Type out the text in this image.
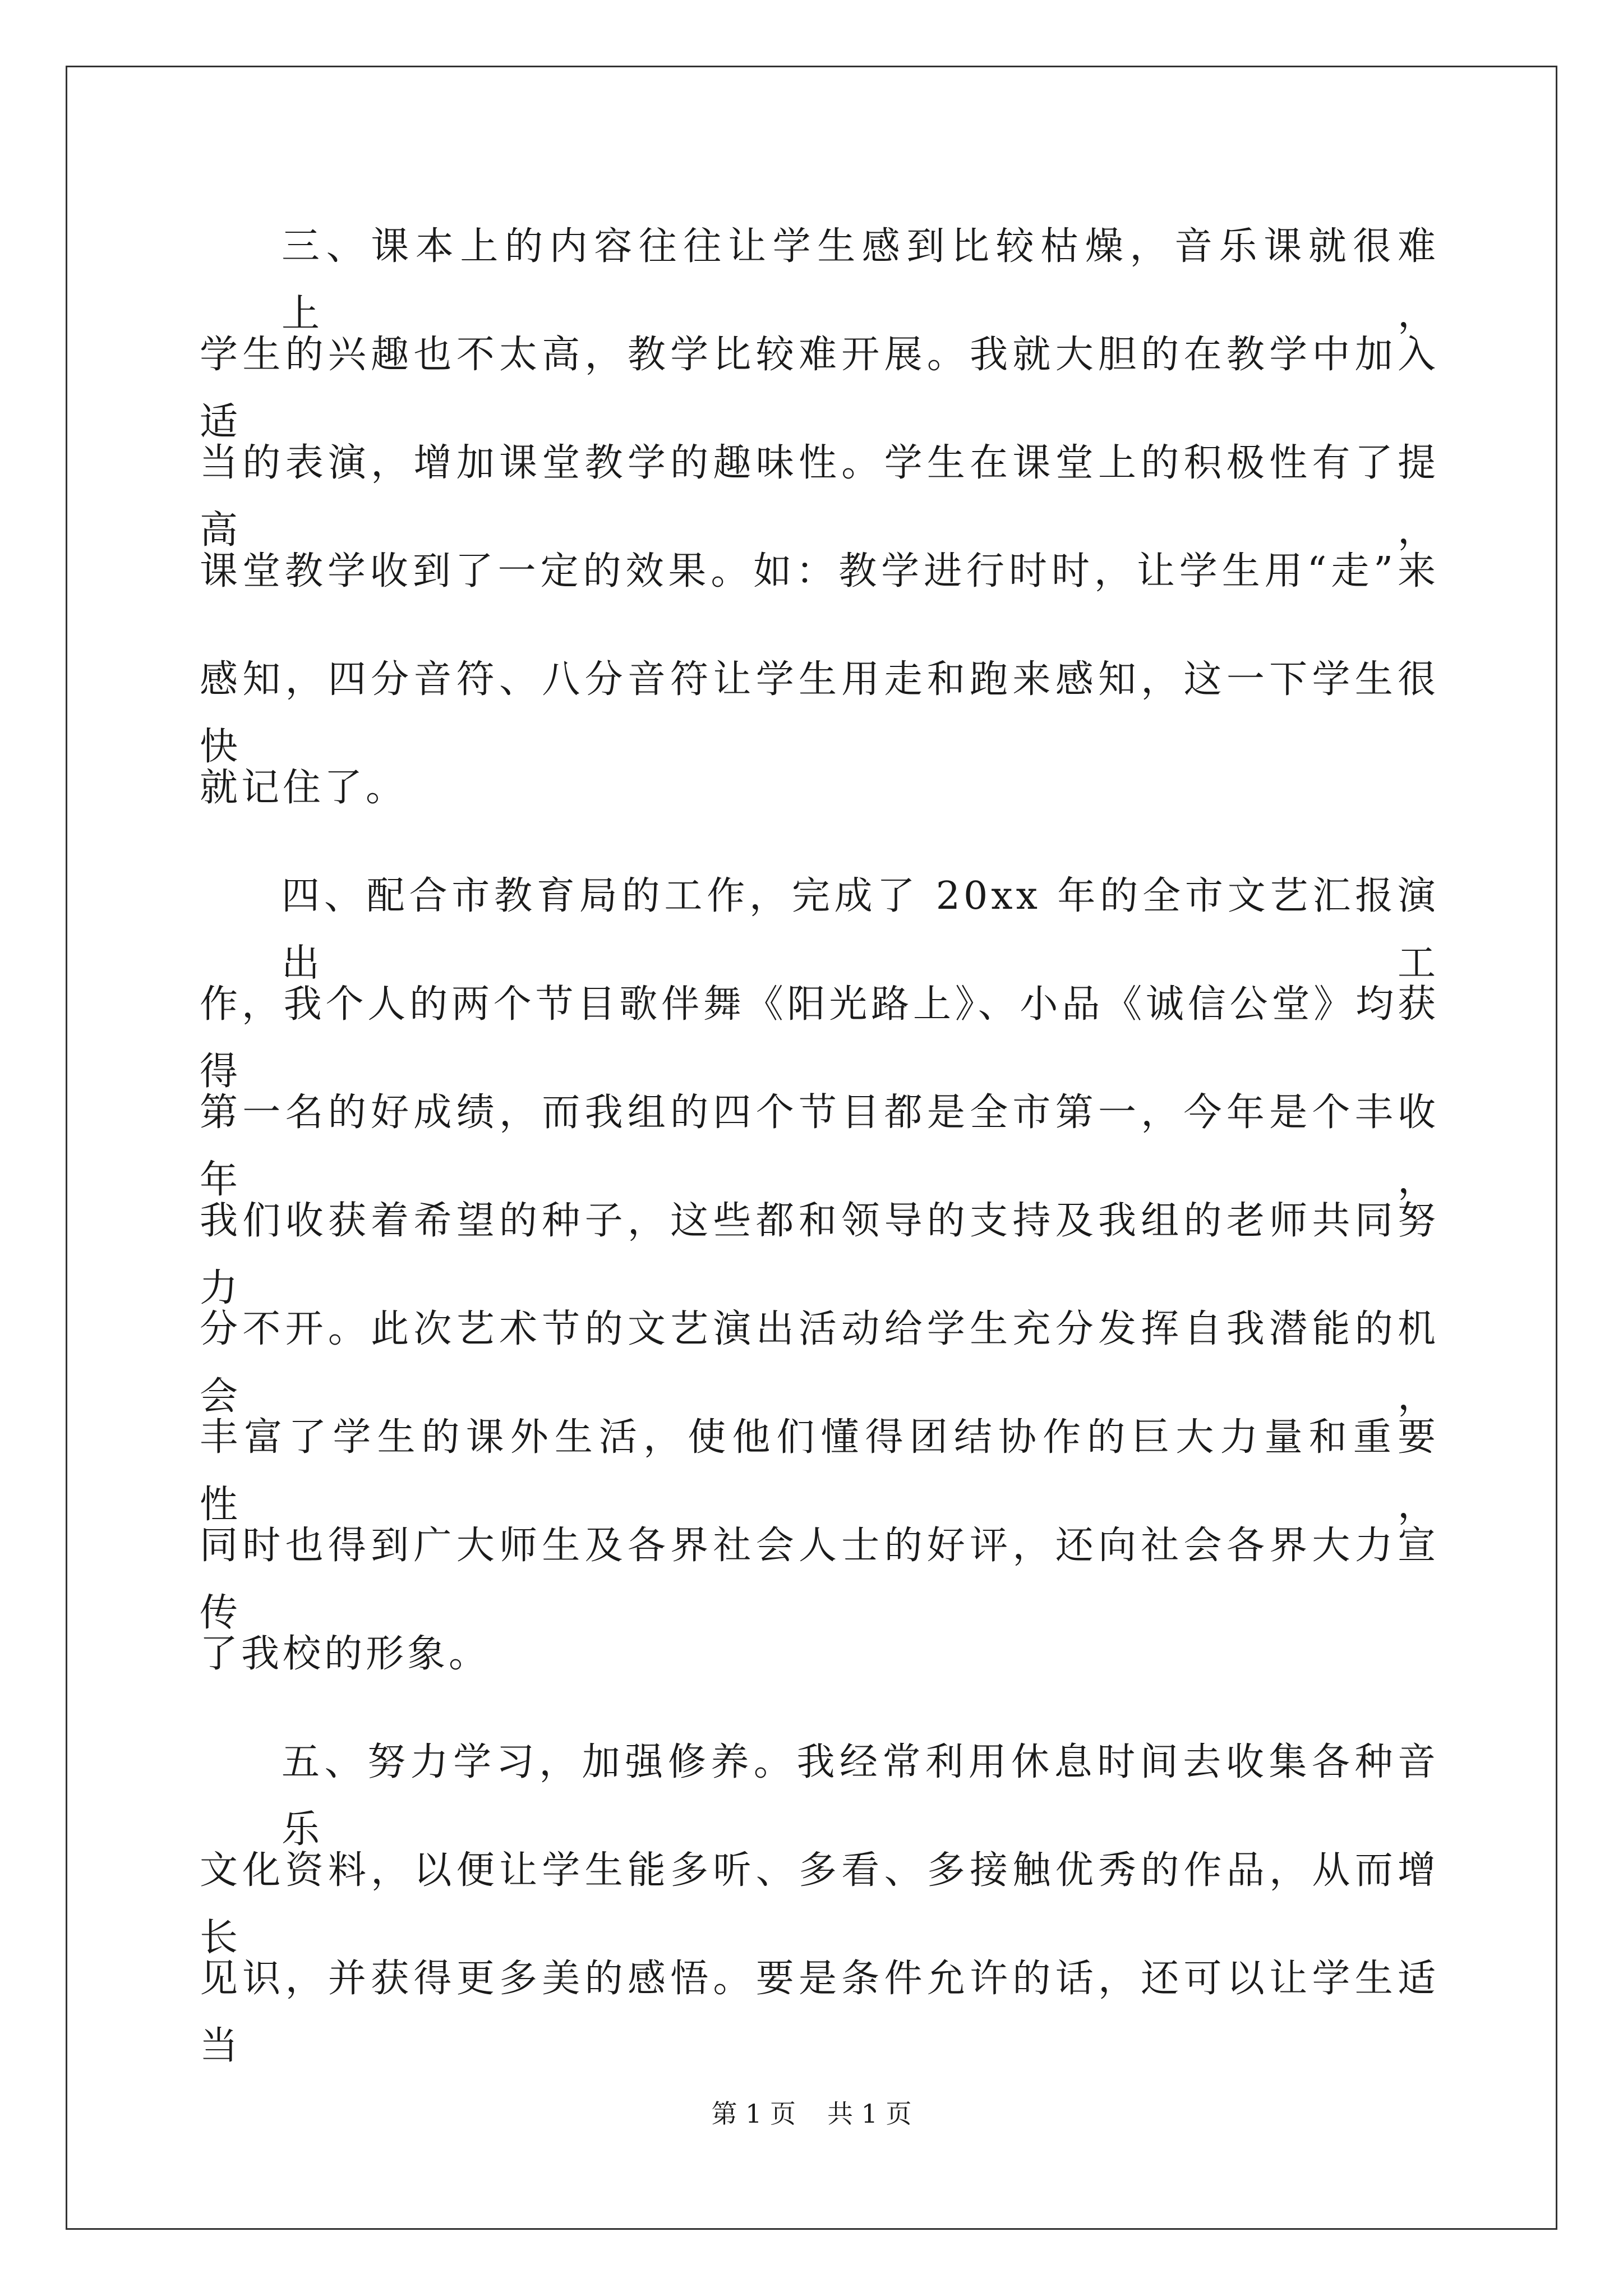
三、课本上的内容往往让学生感到比较枯燥，音乐课就很难上，
学生的兴趣也不太高，教学比较难开展。我就大胆的在教学中加入适
当的表演，增加课堂教学的趣味性。学生在课堂上的积极性有了提高，
课堂教学收到了一定的效果。如：教学进行时时，让学生用“走”来
感知，四分音符、八分音符让学生用走和跑来感知，这一下学生很快
就记住了。
四、配合市教育局的工作，完成了 20xx 年的全市文艺汇报演出工
作，我个人的两个节目歌伴舞《阳光路上》、小品《诚信公堂》均获得
第一名的好成绩，而我组的四个节目都是全市第一，今年是个丰收年，
我们收获着希望的种子，这些都和领导的支持及我组的老师共同努力
分不开。此次艺术节的文艺演出活动给学生充分发挥自我潜能的机会，
丰富了学生的课外生活，使他们懂得团结协作的巨大力量和重要性，
同时也得到广大师生及各界社会人士的好评，还向社会各界大力宣传
了我校的形象。
五、努力学习，加强修养。我经常利用休息时间去收集各种音乐
文化资料，以便让学生能多听、多看、多接触优秀的作品，从而增长
见识，并获得更多美的感悟。要是条件允许的话，还可以让学生适当
第 1 页 共 1 页
